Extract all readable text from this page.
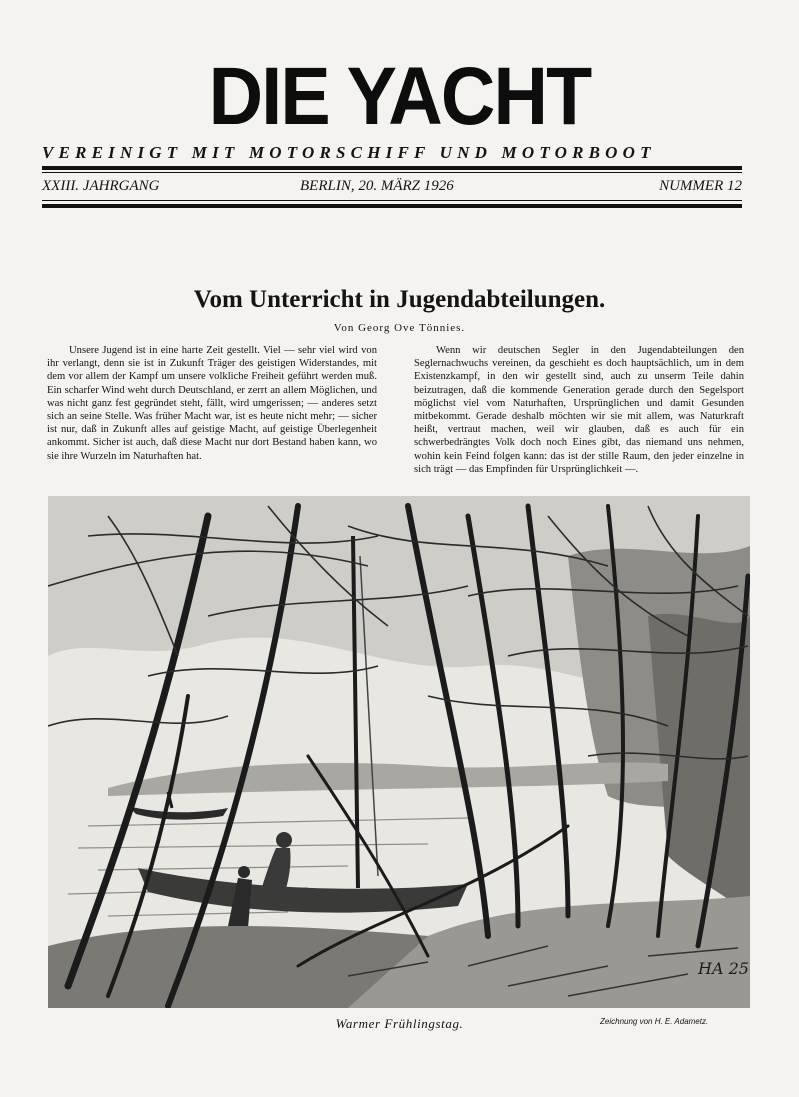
DIE YACHT
VEREINIGT MIT MOTORSCHIFF UND MOTORBOOT
XXIII. JAHRGANG	BERLIN, 20. MÄRZ 1926	NUMMER 12
Vom Unterricht in Jugendabteilungen.
Von Georg Ove Tönnies.

Unsere Jugend ist in eine harte Zeit gestellt. Viel — sehr viel wird von ihr verlangt, denn sie ist in Zukunft Träger des geistigen Widerstandes, mit dem vor allem der Kampf um unsere volkliche Freiheit geführt werden muß. Ein scharfer Wind weht durch Deutschland, er zerrt an allem Möglichen, und was nicht ganz fest gegründet steht, fällt, wird umgerissen; — anderes setzt sich an seine Stelle. Was früher Macht war, ist es heute nicht mehr; — sicher ist nur, daß in Zukunft alles auf geistige Macht, auf geistige Überlegenheit ankommt. Sicher ist auch, daß diese Macht nur dort Bestand haben kann, wo sie ihre Wurzeln im Naturhaften hat.

Wenn wir deutschen Segler in den Jugendabteilungen den Seglernachwuchs vereinen, da geschieht es doch hauptsächlich, um in dem Existenzkampf, in den wir gestellt sind, auch zu unserm Teile dahin beizutragen, daß die kommende Generation gerade durch den Segelsport möglichst viel vom Naturhaften, Ursprünglichen und damit Gesunden mitbekommt. Gerade deshalb möchten wir sie mit allem, was Naturkraft heißt, vertraut machen, weil wir glauben, daß es auch für ein schwerbedrängtes Volk doch noch Eines gibt, das niemand uns nehmen, wohin kein Feind folgen kann: das ist der stille Raum, den jeder einzelne in sich trägt — das Empfinden für Ursprünglichkeit —.

HA 25
Warmer Frühlingstag.	Zeichnung von H. E. Adametz.
